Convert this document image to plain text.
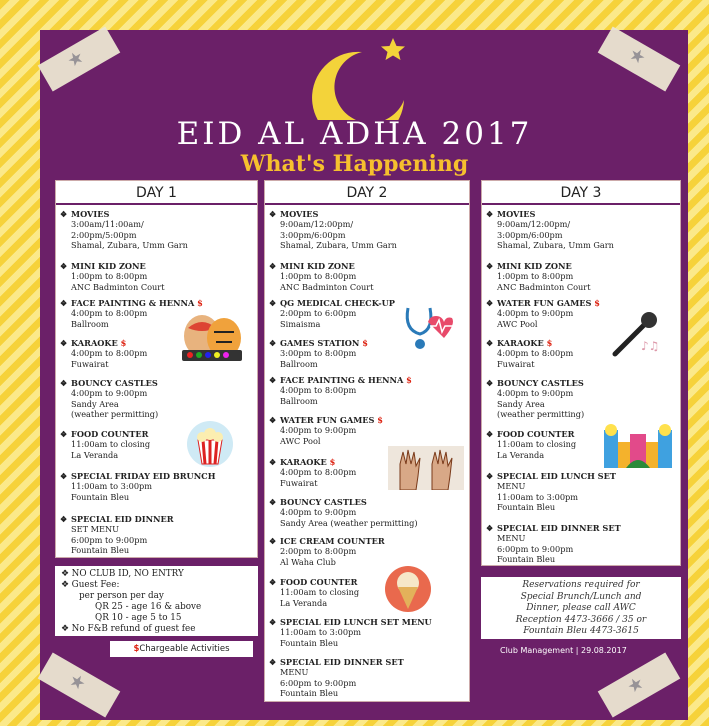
★	★
★	★
EID AL ADHA 2017
What's Happening
DAY 1
❖ MOVIES
3:00am/11:00am/
2:00pm/5:00pm
Shamal, Zubara, Umm Garn
❖ MINI KID ZONE
1:00pm to 8:00pm
ANC Badminton Court
❖ FACE PAINTING & HENNA $
4:00pm to 8:00pm
Ballroom
❖ KARAOKE $
4:00pm to 8:00pm
Fuwairat
❖ BOUNCY CASTLES
4:00pm to 9:00pm
Sandy Area
(weather permitting)
❖ FOOD COUNTER
11:00am to closing
La Veranda
❖ SPECIAL FRIDAY EID BRUNCH
11:00am to 3:00pm
Fountain Bleu
❖ SPECIAL EID DINNER
SET MENU
6:00pm to 9:00pm
Fountain Bleu
DAY 2
❖ MOVIES
9:00am/12:00pm/
3:00pm/6:00pm
Shamal, Zubara, Umm Garn
❖ MINI KID ZONE
1:00pm to 8:00pm
ANC Badminton Court
❖ QG MEDICAL CHECK-UP
2:00pm to 6:00pm
Simaisma
❖ GAMES STATION $
3:00pm to 8:00pm
Ballroom
❖ FACE PAINTING & HENNA $
4:00pm to 8:00pm
Ballroom
❖ WATER FUN GAMES $
4:00pm to 9:00pm
AWC Pool
❖ KARAOKE $
4:00pm to 8:00pm
Fuwairat
❖ BOUNCY CASTLES
4:00pm to 9:00pm
Sandy Area (weather permitting)
❖ ICE CREAM COUNTER
2:00pm to 8:00pm
Al Waha Club
❖ FOOD COUNTER
11:00am to closing
La Veranda
❖ SPECIAL EID LUNCH SET MENU
11:00am to 3:00pm
Fountain Bleu
❖ SPECIAL EID DINNER SET
MENU
6:00pm to 9:00pm
Fountain Bleu
DAY 3
❖ MOVIES
9:00am/12:00pm/
3:00pm/6:00pm
Shamal, Zubara, Umm Garn
❖ MINI KID ZONE
1:00pm to 8:00pm
ANC Badminton Court
❖ WATER FUN GAMES $
4:00pm to 9:00pm
AWC Pool
❖ KARAOKE $
4:00pm to 8:00pm
Fuwairat
❖ BOUNCY CASTLES
4:00pm to 9:00pm
Sandy Area
(weather permitting)
❖ FOOD COUNTER
11:00am to closing
La Veranda
❖ SPECIAL EID LUNCH SET
MENU
11:00am to 3:00pm
Fountain Bleu
❖ SPECIAL EID DINNER SET
MENU
6:00pm to 9:00pm
Fountain Bleu
♪♫
❖ NO CLUB ID, NO ENTRY
❖ Guest Fee:
per person per day
QR 25 - age 16 & above
QR 10 - age 5 to 15
❖ No F&B refund of guest fee
$Chargeable Activities
Reservations required for
Special Brunch/Lunch and
Dinner, please call AWC
Reception 4473-3666 / 35 or
Fountain Bleu 4473-3615
Club Management | 29.08.2017
